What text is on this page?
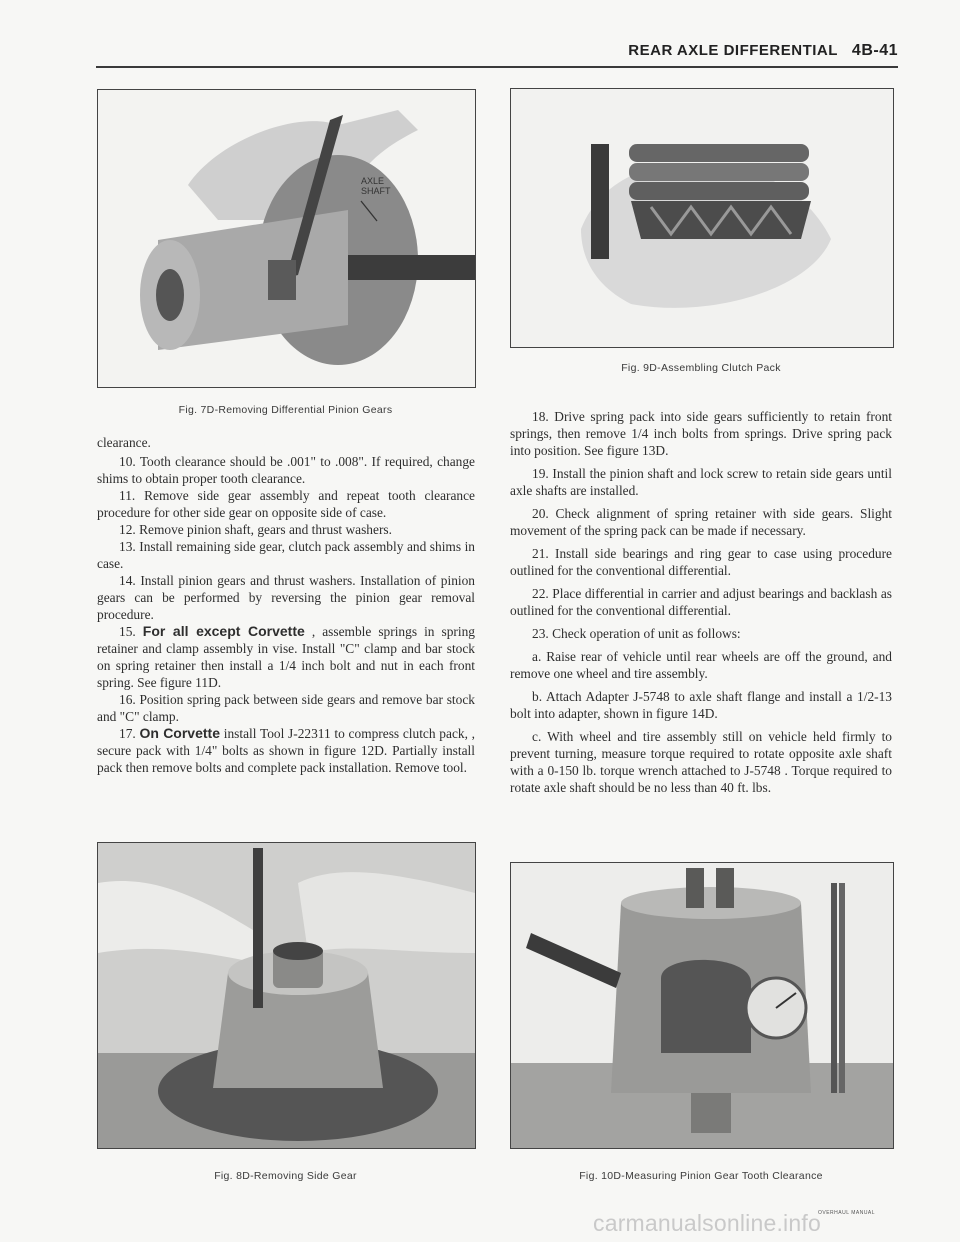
REAR AXLE DIFFERENTIAL 4B-41
AXLE
SHAFT
Fig. 7D-Removing Differential Pinion Gears
Fig. 9D-Assembling Clutch Pack

clearance.

10. Tooth clearance should be .001" to .008". If required, change shims to obtain proper tooth clearance.

11. Remove side gear assembly and repeat tooth clearance procedure for other side gear on opposite side of case.

12. Remove pinion shaft, gears and thrust washers.

13. Install remaining side gear, clutch pack assembly and shims in case.

14. Install pinion gears and thrust washers. Installation of pinion gears can be performed by reversing the pinion gear removal procedure.

15. For all except Corvette , assemble springs in spring retainer and clamp assembly in vise. Install "C" clamp and bar stock on spring retainer then install a 1/4 inch bolt and nut in each front spring. See figure 11D.

16. Position spring pack between side gears and remove bar stock and "C" clamp.

17. On Corvette install Tool J-22311 to compress clutch pack, , secure pack with 1/4" bolts as shown in figure 12D. Partially install pack then remove bolts and complete pack installation. Remove tool.

18. Drive spring pack into side gears sufficiently to retain front springs, then remove 1/4 inch bolts from springs. Drive spring pack into position. See figure 13D.

19. Install the pinion shaft and lock screw to retain side gears until axle shafts are installed.

20. Check alignment of spring retainer with side gears. Slight movement of the spring pack can be made if necessary.

21. Install side bearings and ring gear to case using procedure outlined for the conventional differential.

22. Place differential in carrier and adjust bearings and backlash as outlined for the conventional differential.

23. Check operation of unit as follows:

a. Raise rear of vehicle until rear wheels are off the ground, and remove one wheel and tire assembly.

b. Attach Adapter J-5748 to axle shaft flange and install a 1/2-13 bolt into adapter, shown in figure 14D.

c. With wheel and tire assembly still on vehicle held firmly to prevent turning, measure torque required to rotate opposite axle shaft with a 0-150 lb. torque wrench attached to J-5748 . Torque required to rotate axle shaft should be no less than 40 ft. lbs.

Fig. 8D-Removing Side Gear	Fig. 10D-Measuring Pinion Gear Tooth Clearance
OVERHAUL MANUAL
carmanualsonline.info
